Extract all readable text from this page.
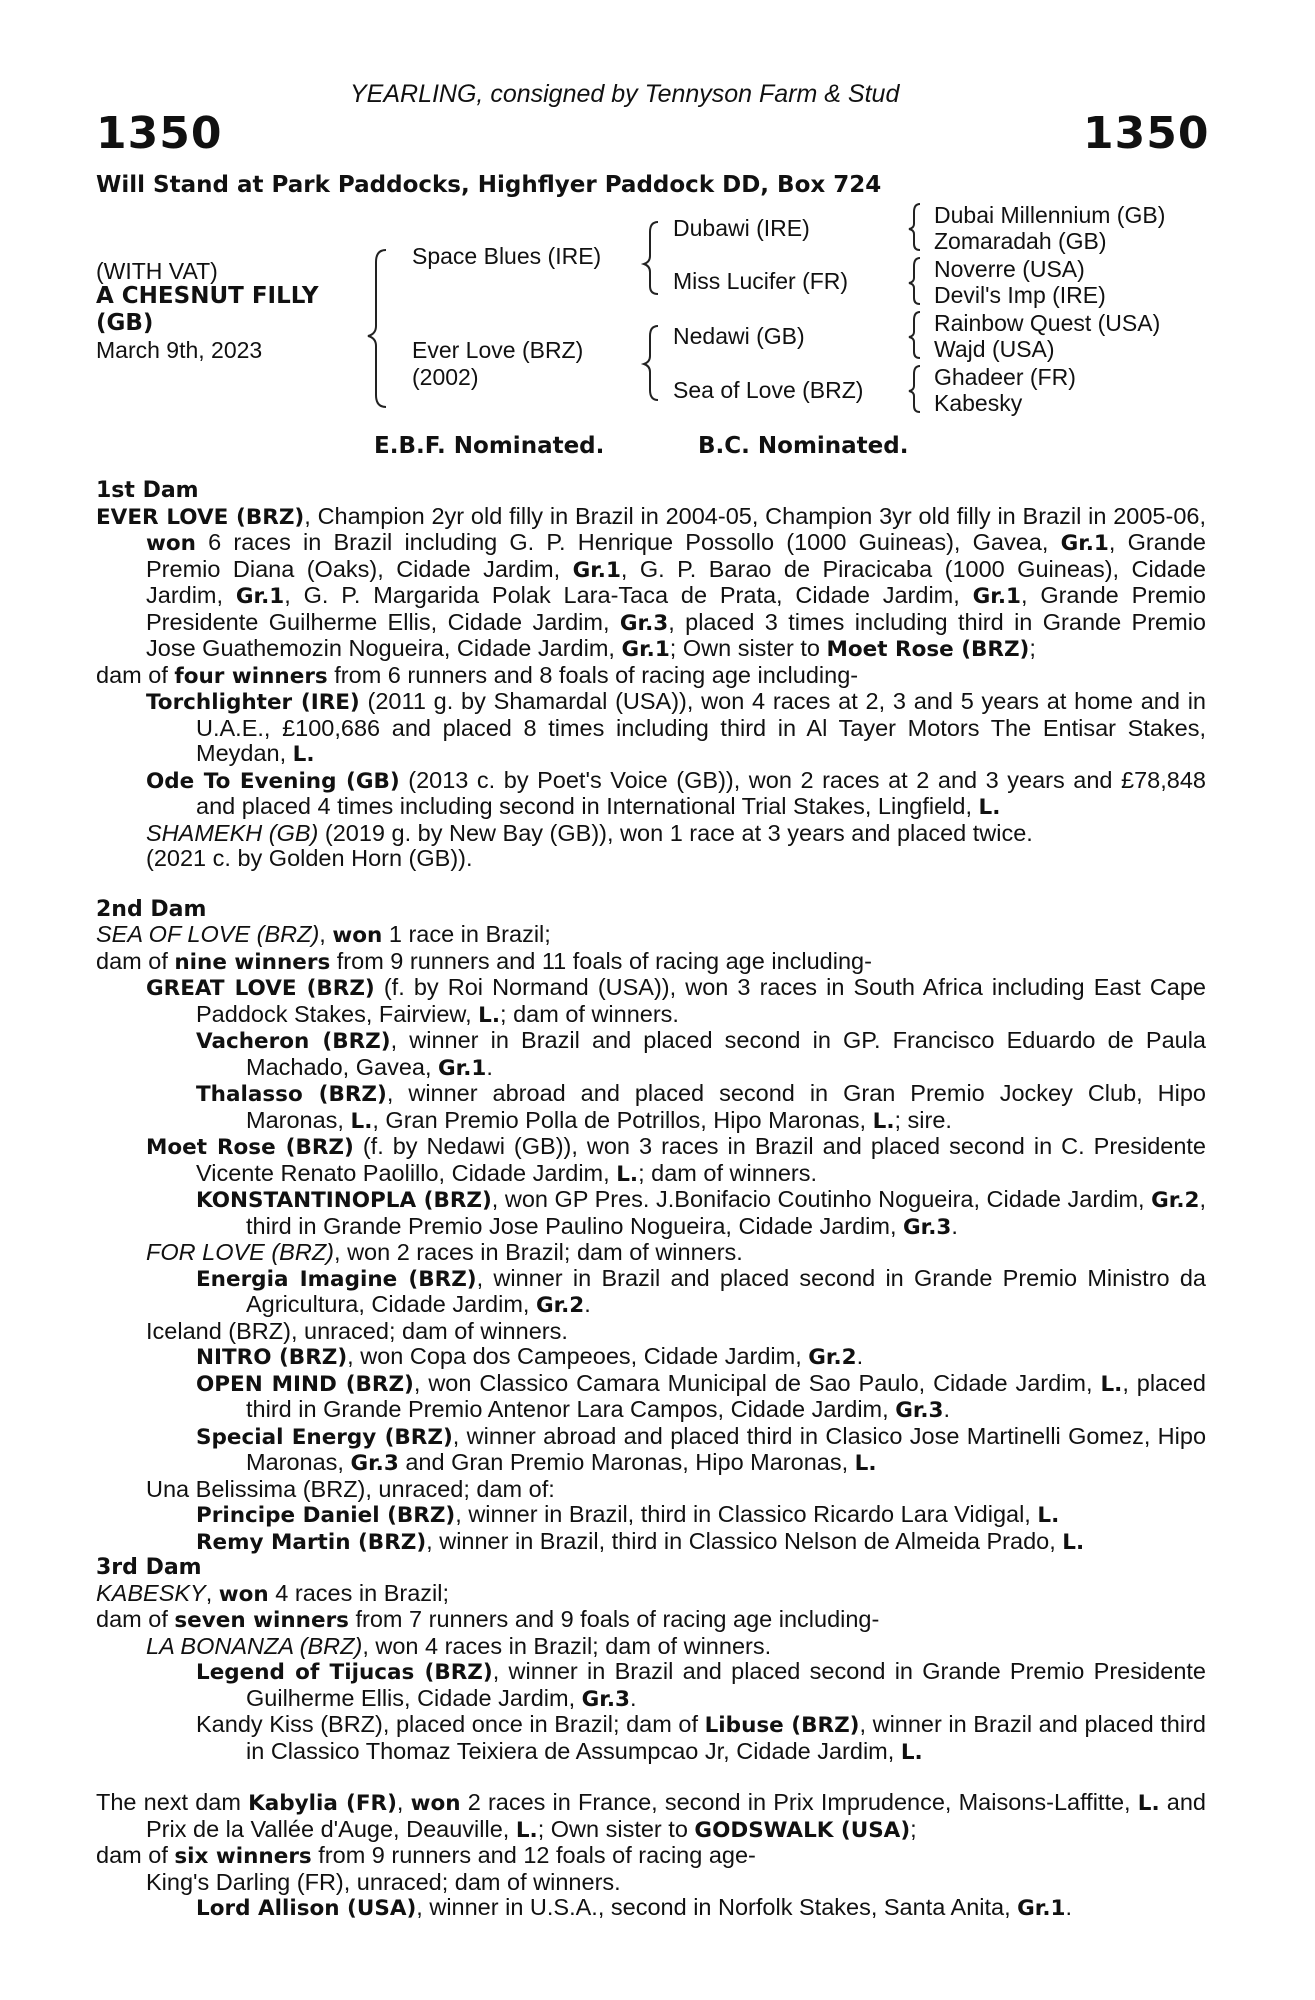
YEARLING, consigned by Tennyson Farm & Stud
1350	1350
Will Stand at Park Paddocks, Highflyer Paddock DD, Box 724
(WITH VAT)
A CHESNUT FILLY
(GB)
March 9th, 2023
Space Blues (IRE)
Ever Love (BRZ)
(2002)
Dubawi (IRE)
Miss Lucifer (FR)
Nedawi (GB)
Sea of Love (BRZ)
Dubai Millennium (GB)
Zomaradah (GB)
Noverre (USA)
Devil's Imp (IRE)
Rainbow Quest (USA)
Wajd (USA)
Ghadeer (FR)
Kabesky
E.B.F. Nominated.	B.C. Nominated.
1st Dam

EVER LOVE (BRZ), Champion 2yr old filly in Brazil in 2004-05, Champion 3yr old filly in Brazil in 2005-06, won 6 races in Brazil including G. P. Henrique Possollo (1000 Guineas), Gavea, Gr.1, Grande Premio Diana (Oaks), Cidade Jardim, Gr.1, G. P. Barao de Piracicaba (1000 Guineas), Cidade Jardim, Gr.1, G. P. Margarida Polak Lara-Taca de Prata, Cidade Jardim, Gr.1, Grande Premio Presidente Guilherme Ellis, Cidade Jardim, Gr.3, placed 3 times including third in Grande Premio Jose Guathemozin Nogueira, Cidade Jardim, Gr.1; Own sister to Moet Rose (BRZ);

dam of four winners from 6 runners and 8 foals of racing age including-

Torchlighter (IRE) (2011 g. by Shamardal (USA)), won 4 races at 2, 3 and 5 years at home and in U.A.E., £100,686 and placed 8 times including third in Al Tayer Motors The Entisar Stakes, Meydan, L.

Ode To Evening (GB) (2013 c. by Poet's Voice (GB)), won 2 races at 2 and 3 years and £78,848 and placed 4 times including second in International Trial Stakes, Lingfield, L.

SHAMEKH (GB) (2019 g. by New Bay (GB)), won 1 race at 3 years and placed twice.

(2021 c. by Golden Horn (GB)).

2nd Dam

SEA OF LOVE (BRZ), won 1 race in Brazil;

dam of nine winners from 9 runners and 11 foals of racing age including-

GREAT LOVE (BRZ) (f. by Roi Normand (USA)), won 3 races in South Africa including East Cape Paddock Stakes, Fairview, L.; dam of winners.

Vacheron (BRZ), winner in Brazil and placed second in GP. Francisco Eduardo de Paula Machado, Gavea, Gr.1.

Thalasso (BRZ), winner abroad and placed second in Gran Premio Jockey Club, Hipo Maronas, L., Gran Premio Polla de Potrillos, Hipo Maronas, L.; sire.

Moet Rose (BRZ) (f. by Nedawi (GB)), won 3 races in Brazil and placed second in C. Presidente Vicente Renato Paolillo, Cidade Jardim, L.; dam of winners.

KONSTANTINOPLA (BRZ), won GP Pres. J.Bonifacio Coutinho Nogueira, Cidade Jardim, Gr.2, third in Grande Premio Jose Paulino Nogueira, Cidade Jardim, Gr.3.

FOR LOVE (BRZ), won 2 races in Brazil; dam of winners.

Energia Imagine (BRZ), winner in Brazil and placed second in Grande Premio Ministro da Agricultura, Cidade Jardim, Gr.2.

Iceland (BRZ), unraced; dam of winners.

NITRO (BRZ), won Copa dos Campeoes, Cidade Jardim, Gr.2.

OPEN MIND (BRZ), won Classico Camara Municipal de Sao Paulo, Cidade Jardim, L., placed third in Grande Premio Antenor Lara Campos, Cidade Jardim, Gr.3.

Special Energy (BRZ), winner abroad and placed third in Clasico Jose Martinelli Gomez, Hipo Maronas, Gr.3 and Gran Premio Maronas, Hipo Maronas, L.

Una Belissima (BRZ), unraced; dam of:

Principe Daniel (BRZ), winner in Brazil, third in Classico Ricardo Lara Vidigal, L.

Remy Martin (BRZ), winner in Brazil, third in Classico Nelson de Almeida Prado, L.

3rd Dam

KABESKY, won 4 races in Brazil;

dam of seven winners from 7 runners and 9 foals of racing age including-

LA BONANZA (BRZ), won 4 races in Brazil; dam of winners.

Legend of Tijucas (BRZ), winner in Brazil and placed second in Grande Premio Presidente Guilherme Ellis, Cidade Jardim, Gr.3.

Kandy Kiss (BRZ), placed once in Brazil; dam of Libuse (BRZ), winner in Brazil and placed third in Classico Thomaz Teixiera de Assumpcao Jr, Cidade Jardim, L.

The next dam Kabylia (FR), won 2 races in France, second in Prix Imprudence, Maisons-Laffitte, L. and Prix de la Vallée d'Auge, Deauville, L.; Own sister to GODSWALK (USA);

dam of six winners from 9 runners and 12 foals of racing age-

King's Darling (FR), unraced; dam of winners.

Lord Allison (USA), winner in U.S.A., second in Norfolk Stakes, Santa Anita, Gr.1.
